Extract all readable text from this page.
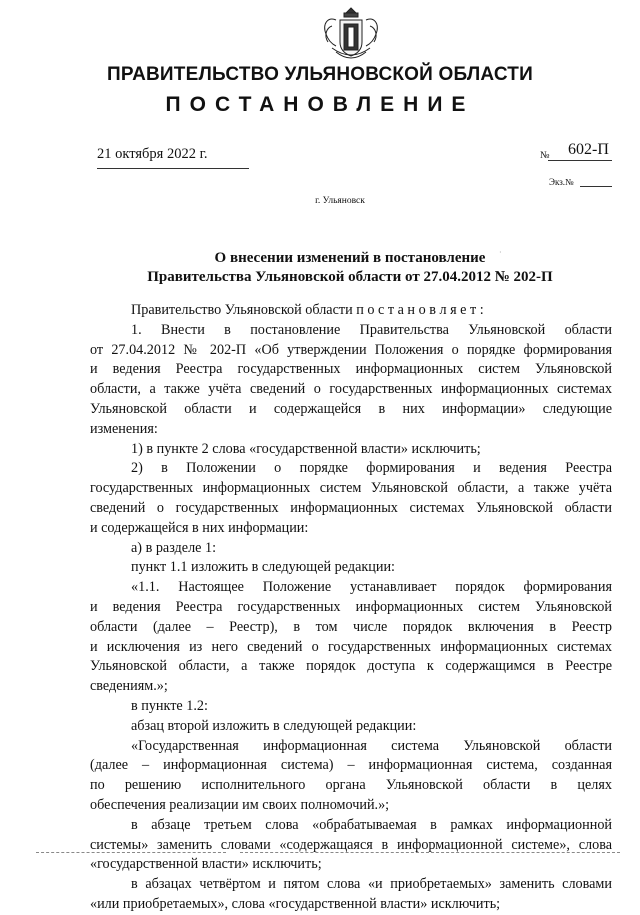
ПРАВИТЕЛЬСТВО УЛЬЯНОВСКОЙ ОБЛАСТИ
ПОСТАНОВЛЕНИЕ
21 октября 2022 г.	№ 602-П
Экз.№
г. Ульяновск
О внесении изменений в постановление
Правительства Ульяновской области от 27.04.2012 № 202-П
·
Правительство Ульяновской области п о с т а н о в л я е т :
1. Внести в постановление Правительства Ульяновской области
от 27.04.2012 № 202-П «Об утверждении Положения о порядке формирования
и ведения Реестра государственных информационных систем Ульяновской
области, а также учёта сведений о государственных информационных системах
Ульяновской области и содержащейся в них информации» следующие
изменения:
1) в пункте 2 слова «государственной власти» исключить;
2) в Положении о порядке формирования и ведения Реестра
государственных информационных систем Ульяновской области, а также учёта
сведений о государственных информационных системах Ульяновской области
и содержащейся в них информации:
а) в разделе 1:
пункт 1.1 изложить в следующей редакции:
«1.1. Настоящее Положение устанавливает порядок формирования
и ведения Реестра государственных информационных систем Ульяновской
области (далее – Реестр), в том числе порядок включения в Реестр
и исключения из него сведений о государственных информационных системах
Ульяновской области, а также порядок доступа к содержащимся в Реестре
сведениям.»;
в пункте 1.2:
абзац второй изложить в следующей редакции:
«Государственная информационная система Ульяновской области
(далее – информационная система) – информационная система, созданная
по решению исполнительного органа Ульяновской области в целях
обеспечения реализации им своих полномочий.»;
в абзаце третьем слова «обрабатываемая в рамках информационной
системы» заменить словами «содержащаяся в информационной системе», слова
«государственной власти» исключить;
в абзацах четвёртом и пятом слова «и приобретаемых» заменить словами
«или приобретаемых», слова «государственной власти» исключить;
